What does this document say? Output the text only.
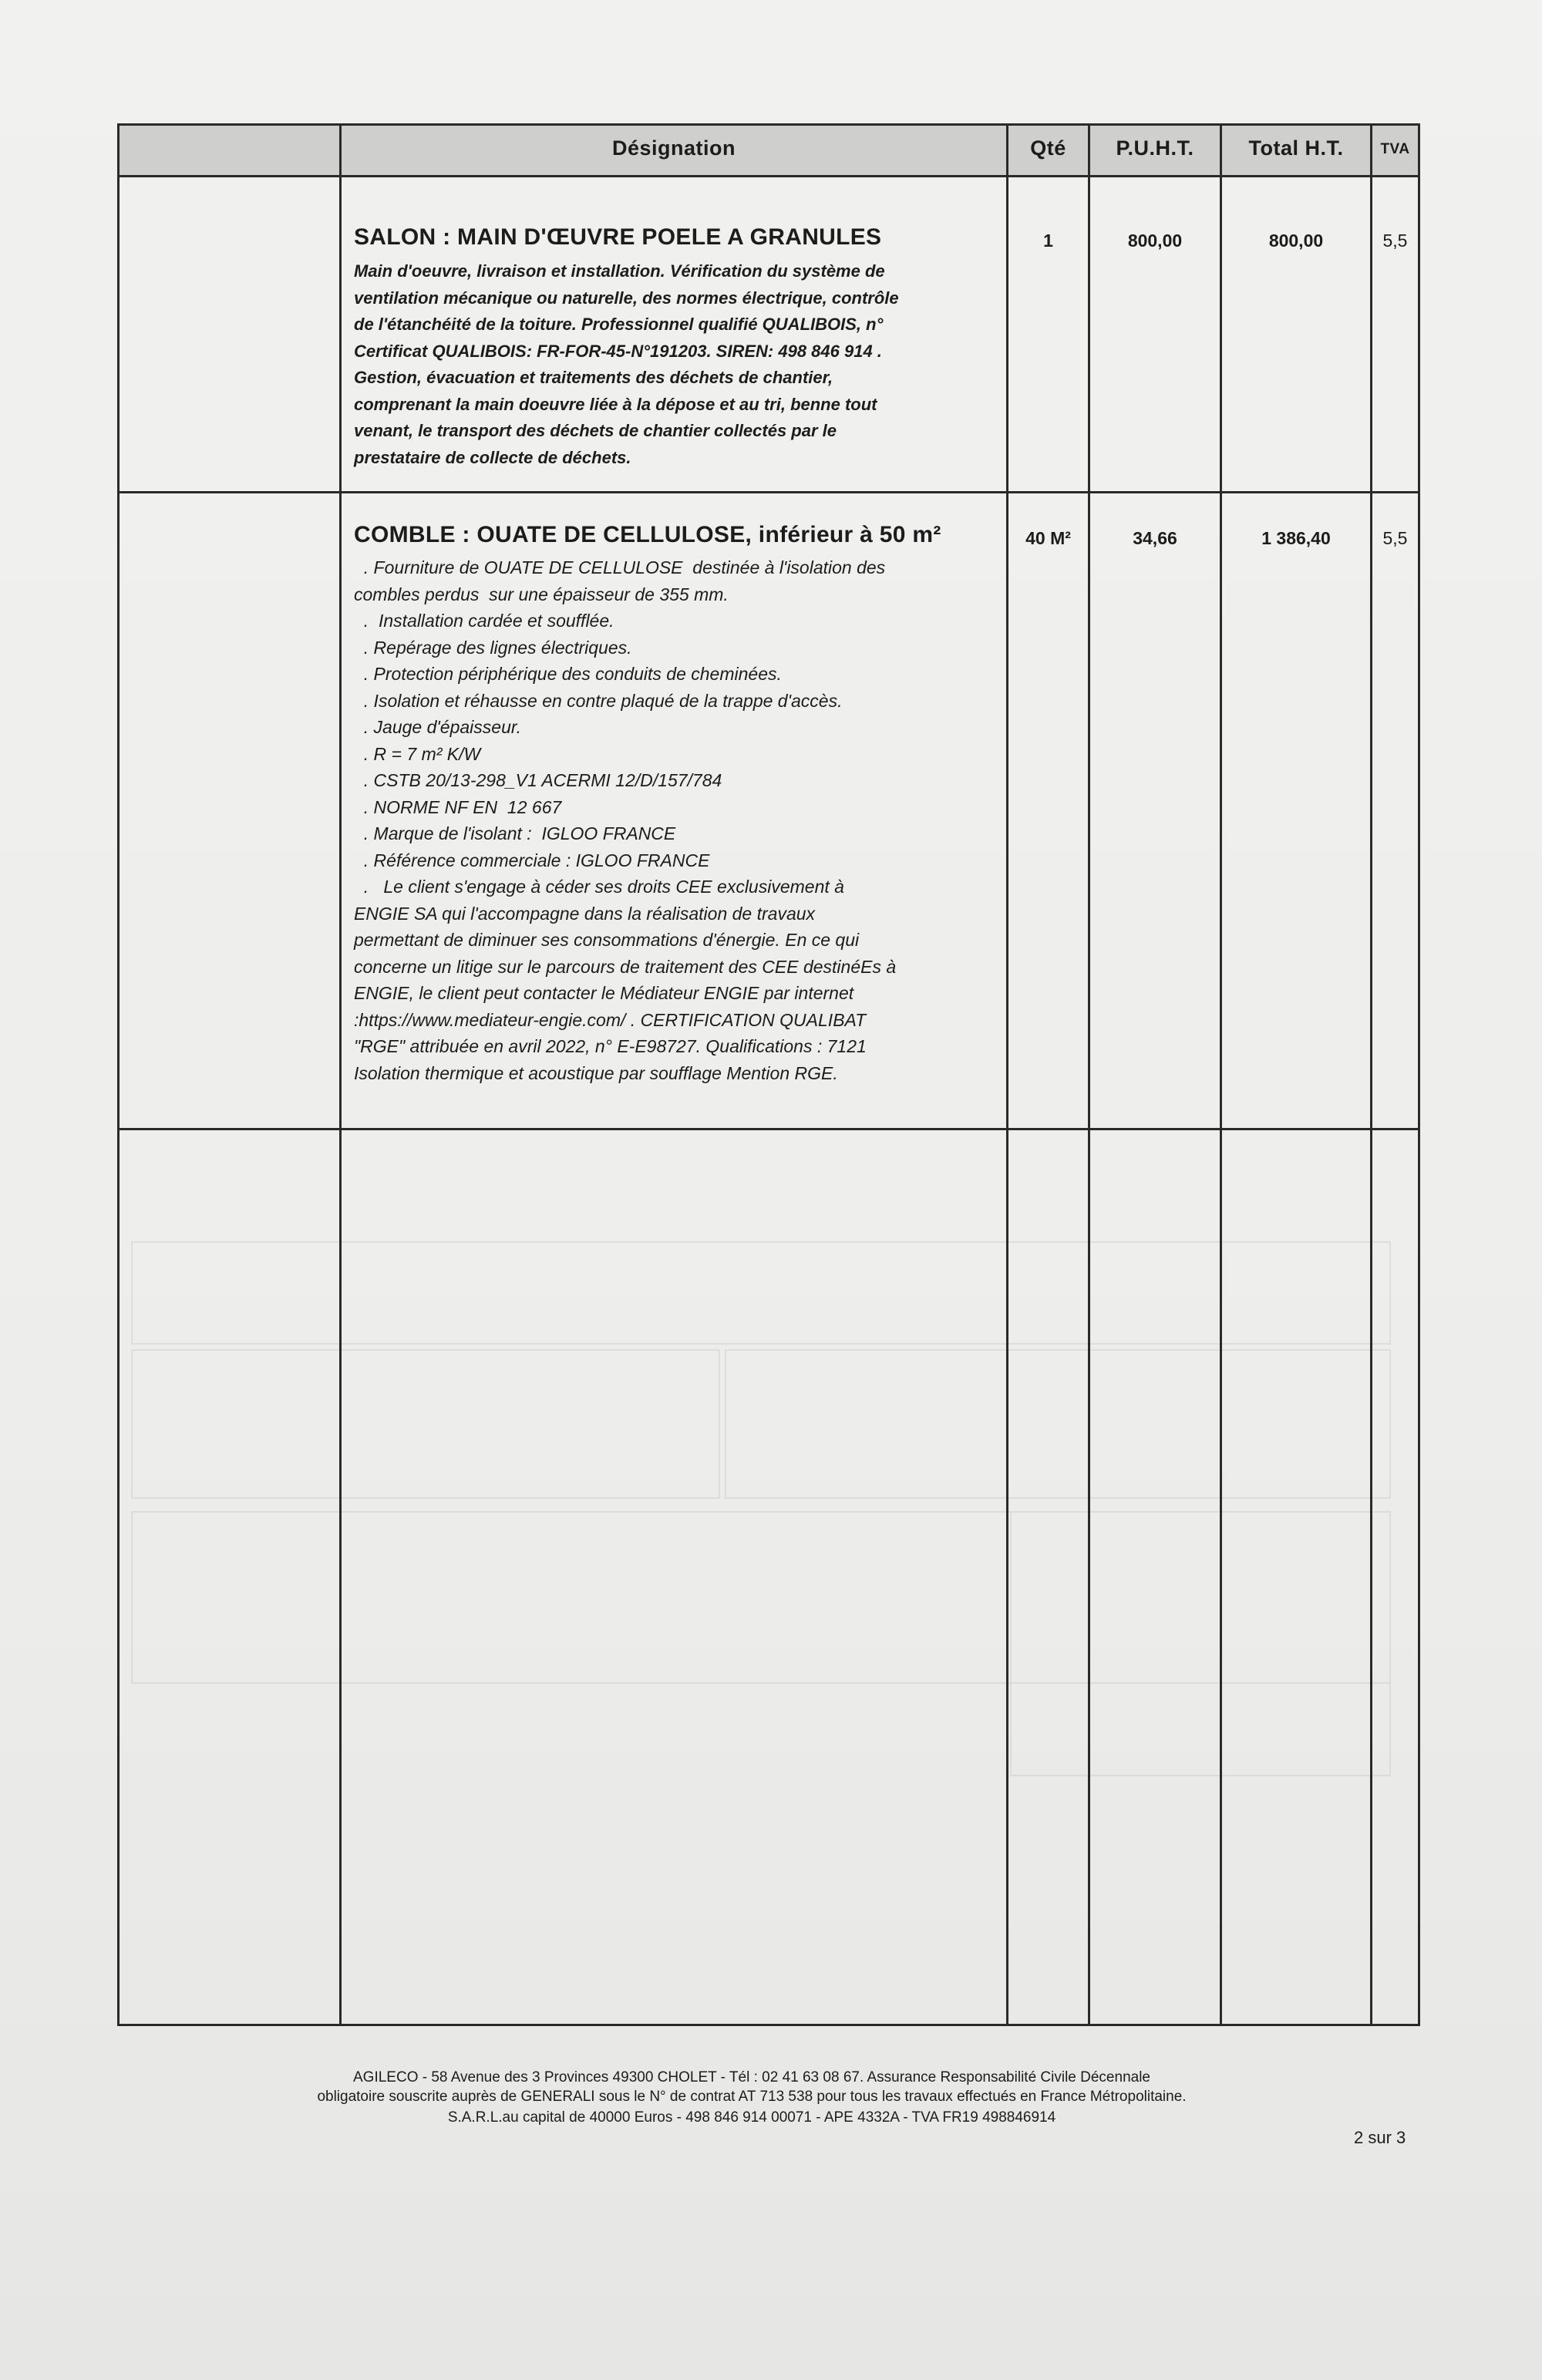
Désignation	Qté	P.U.H.T.	Total H.T.	TVA
SALON : MAIN D'ŒUVRE POELE A GRANULES
Main d'oeuvre, livraison et installation. Vérification du système de
ventilation mécanique ou naturelle, des normes électrique, contrôle
de l'étanchéité de la toiture. Professionnel qualifié QUALIBOIS, n°
Certificat QUALIBOIS: FR-FOR-45-N°191203. SIREN: 498 846 914 .
Gestion, évacuation et traitements des déchets de chantier,
comprenant la main doeuvre liée à la dépose et au tri, benne tout
venant, le transport des déchets de chantier collectés par le
prestataire de collecte de déchets.
1	800,00	800,00	5,5
COMBLE : OUATE DE CELLULOSE, inférieur à 50 m²
. Fourniture de OUATE DE CELLULOSE  destinée à l'isolation des
combles perdus  sur une épaisseur de 355 mm.
.  Installation cardée et soufflée.
. Repérage des lignes électriques.
. Protection périphérique des conduits de cheminées.
. Isolation et réhausse en contre plaqué de la trappe d'accès.
. Jauge d'épaisseur.
. R = 7 m² K/W
. CSTB 20/13-298_V1 ACERMI 12/D/157/784
. NORME NF EN  12 667
. Marque de l'isolant :  IGLOO FRANCE
. Référence commerciale : IGLOO FRANCE
.   Le client s'engage à céder ses droits CEE exclusivement à
ENGIE SA qui l'accompagne dans la réalisation de travaux
permettant de diminuer ses consommations d'énergie. En ce qui
concerne un litige sur le parcours de traitement des CEE destinéEs à
ENGIE, le client peut contacter le Médiateur ENGIE par internet
:https://www.mediateur-engie.com/ . CERTIFICATION QUALIBAT
"RGE" attribuée en avril 2022, n° E-E98727. Qualifications : 7121
Isolation thermique et acoustique par soufflage Mention RGE.
40 M²	34,66	1 386,40	5,5
AGILECO - 58 Avenue des 3 Provinces 49300 CHOLET - Tél : 02 41 63 08 67. Assurance Responsabilité Civile Décennale
obligatoire souscrite auprès de GENERALI sous le N° de contrat AT 713 538 pour tous les travaux effectués en France Métropolitaine.
S.A.R.L.au capital de 40000 Euros - 498 846 914 00071 - APE 4332A - TVA FR19 498846914
2 sur 3
